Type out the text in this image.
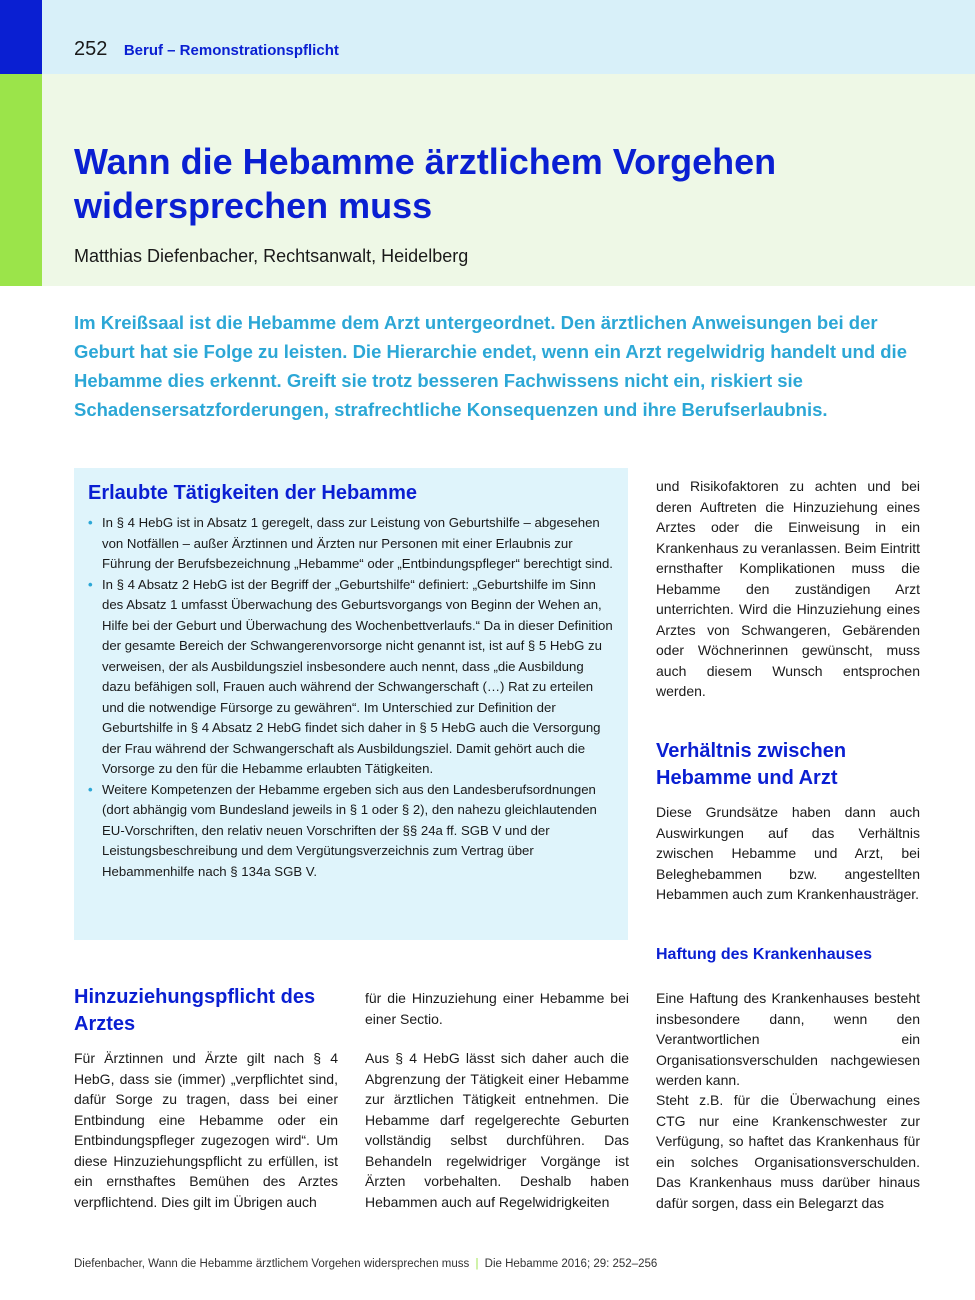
252 Beruf – Remonstrationspflicht
Wann die Hebamme ärztlichem Vorgehen widersprechen muss
Matthias Diefenbacher, Rechtsanwalt, Heidelberg

Im Kreißsaal ist die Hebamme dem Arzt untergeordnet. Den ärztlichen Anweisungen bei der Geburt hat sie Folge zu leisten. Die Hierarchie endet, wenn ein Arzt regelwidrig handelt und die Hebamme dies erkennt. Greift sie trotz besseren Fachwissens nicht ein, riskiert sie Schadensersatzforderungen, strafrechtliche Konsequenzen und ihre Berufserlaubnis.

Erlaubte Tätigkeiten der Hebamme
• In § 4 HebG ist in Absatz 1 geregelt, dass zur Leistung von Geburtshilfe – abgesehen von Notfällen – außer Ärztinnen und Ärzten nur Personen mit einer Erlaubnis zur Führung der Berufsbezeichnung „Hebamme“ oder „Entbindungspfleger“ berechtigt sind.
• In § 4 Absatz 2 HebG ist der Begriff der „Geburtshilfe“ definiert: „Geburtshilfe im Sinn des Absatz 1 umfasst Überwachung des Geburtsvorgangs von Beginn der Wehen an, Hilfe bei der Geburt und Überwachung des Wochenbettverlaufs.“ Da in dieser Definition der gesamte Bereich der Schwangerenvorsorge nicht genannt ist, ist auf § 5 HebG zu verweisen, der als Ausbildungsziel insbesondere auch nennt, dass „die Ausbildung dazu befähigen soll, Frauen auch während der Schwangerschaft (…) Rat zu erteilen und die notwendige Fürsorge zu gewähren“. Im Unterschied zur Definition der Geburtshilfe in § 4 Absatz 2 HebG findet sich daher in § 5 HebG auch die Versorgung der Frau während der Schwangerschaft als Ausbildungsziel. Damit gehört auch die Vorsorge zu den für die Hebamme erlaubten Tätigkeiten.
• Weitere Kompetenzen der Hebamme ergeben sich aus den Landesberufsordnungen (dort abhängig vom Bundesland jeweils in § 1 oder § 2), den nahezu gleichlautenden EU-Vorschriften, den relativ neuen Vorschriften der §§ 24a ff. SGB V und der Leistungsbeschreibung und dem Vergütungsverzeichnis zum Vertrag über Hebammenhilfe nach § 134a SGB V.

und Risikofaktoren zu achten und bei deren Auftreten die Hinzuziehung eines Arztes oder die Einweisung in ein Krankenhaus zu veranlassen. Beim Eintritt ernsthafter Komplikationen muss die Hebamme den zuständigen Arzt unterrichten. Wird die Hinzuziehung eines Arztes von Schwangeren, Gebärenden oder Wöchnerinnen gewünscht, muss auch diesem Wunsch entsprochen werden.

Verhältnis zwischen Hebamme und Arzt

Diese Grundsätze haben dann auch Auswirkungen auf das Verhältnis zwischen Hebamme und Arzt, bei Beleghebammen bzw. angestellten Hebammen auch zum Krankenhausträger.

Haftung des Krankenhauses

Eine Haftung des Krankenhauses besteht insbesondere dann, wenn den Verantwortlichen ein Organisationsverschulden nachgewiesen werden kann.

Steht z.B. für die Überwachung eines CTG nur eine Krankenschwester zur Verfügung, so haftet das Krankenhaus für ein solches Organisationsverschulden. Das Krankenhaus muss darüber hinaus dafür sorgen, dass ein Belegarzt das

Hinzuziehungspflicht des Arztes

Für Ärztinnen und Ärzte gilt nach § 4 HebG, dass sie (immer) „verpflichtet sind, dafür Sorge zu tragen, dass bei einer Entbindung eine Hebamme oder ein Entbindungspfleger zugezogen wird“. Um diese Hinzuziehungspflicht zu erfüllen, ist ein ernsthaftes Bemühen des Arztes verpflichtend. Dies gilt im Übrigen auch

für die Hinzuziehung einer Hebamme bei einer Sectio.

Aus § 4 HebG lässt sich daher auch die Abgrenzung der Tätigkeit einer Hebamme zur ärztlichen Tätigkeit entnehmen. Die Hebamme darf regelgerechte Geburten vollständig selbst durchführen. Das Behandeln regelwidriger Vorgänge ist Ärzten vorbehalten. Deshalb haben Hebammen auch auf Regelwidrigkeiten

Diefenbacher, Wann die Hebamme ärztlichem Vorgehen widersprechen muss | Die Hebamme 2016; 29: 252–256
